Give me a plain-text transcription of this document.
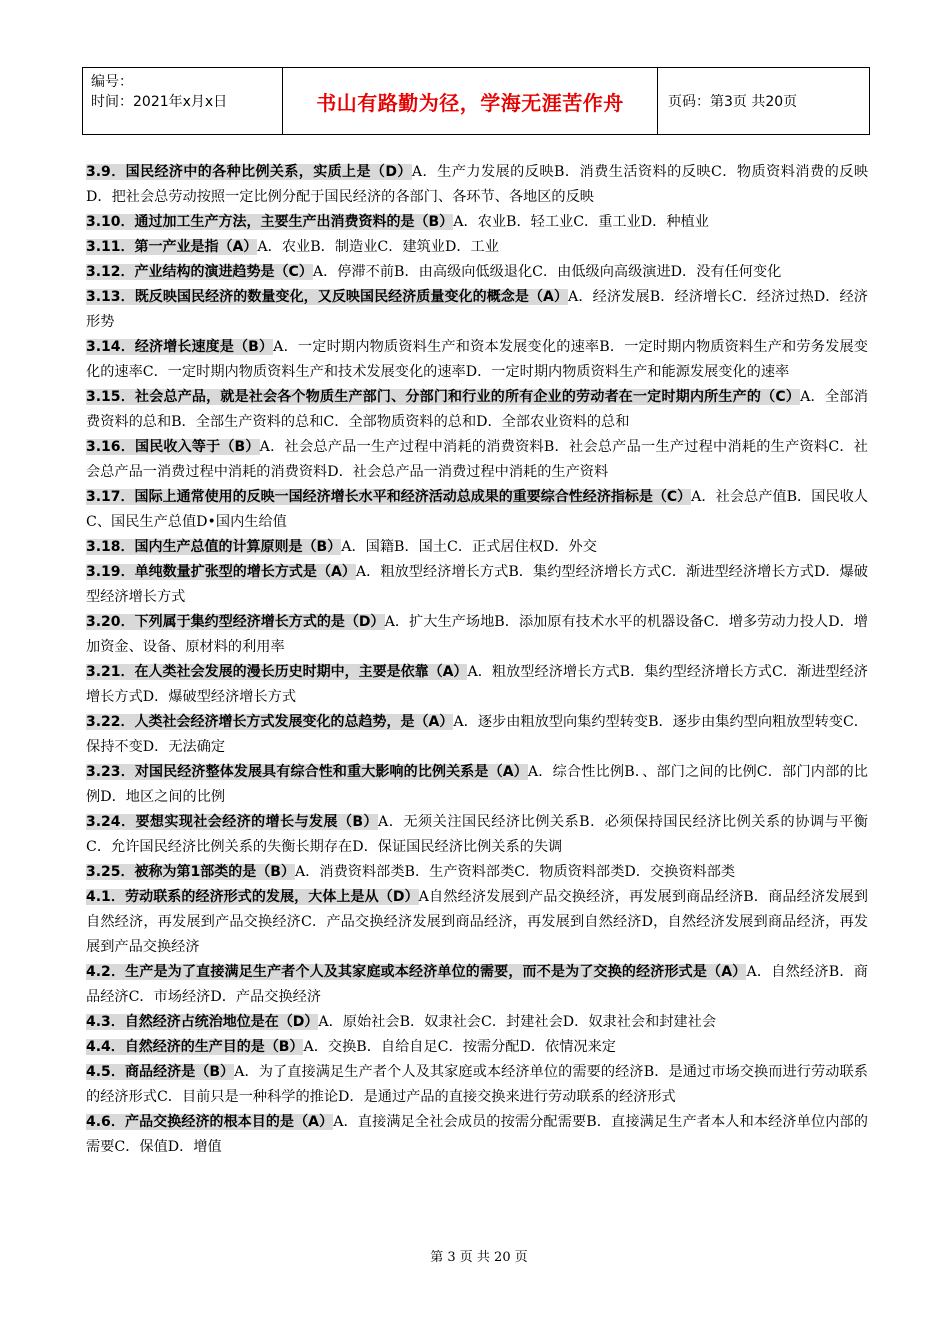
编号：
时间：2021年x月x日	书山有路勤为径，学海无涯苦作舟	页码：第3页 共20页

3.9．国民经济中的各种比例关系，实质上是（D）A．生产力发展的反映B．消费生活资料的反映C．物质资料消费的反映D．把社会总劳动按照一定比例分配于国民经济的各部门、各环节、各地区的反映

3.10．通过加工生产方法，主要生产出消费资料的是（B）A．农业B．轻工业C．重工业D．种植业

3.11．第一产业是指（A）A．农业B．制造业C．建筑业D．工业

3.12．产业结构的演进趋势是（C）A．停滞不前B．由高级向低级退化C．由低级向高级演进D．没有任何变化

3.13．既反映国民经济的数量变化，又反映国民经济质量变化的概念是（A）A．经济发展B．经济增长C．经济过热D．经济形势

3.14．经济增长速度是（B）A．一定时期内物质资料生产和资本发展变化的速率B．一定时期内物质资料生产和劳务发展变化的速率C．一定时期内物质资料生产和技术发展变化的速率D．一定时期内物质资料生产和能源发展变化的速率

3.15．社会总产品，就是社会各个物质生产部门、分部门和行业的所有企业的劳动者在一定时期内所生产的（C）A．全部消费资料的总和B．全部生产资料的总和C．全部物质资料的总和D．全部农业资料的总和

3.16．国民收入等于（B）A．社会总产品一生产过程中消耗的消费资料B．社会总产品一生产过程中消耗的生产资料C．社会总产品一消费过程中消耗的消费资料D．社会总产品一消费过程中消耗的生产资料

3.17．国际上通常使用的反映一国经济增长水平和经济活动总成果的重要综合性经济指标是（C）A．社会总产值B．国民收人C、国民生产总值D•国内生给值

3.18．国内生产总值的计算原则是（B）A．国籍B．国土C．正式居住权D．外交

3.19．单纯数量扩张型的增长方式是（A）A．粗放型经济增长方式B．集约型经济增长方式C．渐进型经济增长方式D．爆破型经济增长方式

3.20．下列属于集约型经济增长方式的是（D）A．扩大生产场地B．添加原有技术水平的机器设备C．增多劳动力投人D．增加资金、设备、原材料的利用率

3.21．在人类社会发展的漫长历史时期中，主要是依靠（A）A．粗放型经济增长方式B．集约型经济增长方式C．渐进型经济增长方式D．爆破型经济增长方式

3.22．人类社会经济增长方式发展变化的总趋势，是（A）A．逐步由粗放型向集约型转变B．逐步由集约型向粗放型转变C．保持不变D．无法确定

3.23．对国民经济整体发展具有综合性和重大影响的比例关系是（A）A．综合性比例B．、部门之间的比例C．部门内部的比例D．地区之间的比例

3.24．要想实现社会经济的增长与发展（B）A．无须关注国民经济比例关系B．必须保持国民经济比例关系的协调与平衡C．允许国民经济比例关系的失衡长期存在D．保证国民经济比例关系的失调

3.25．被称为第1部类的是（B）A．消费资料部类B．生产资料部类C．物质资料部类D．交换资料部类

4.1．劳动联系的经济形式的发展，大体上是从（D）A自然经济发展到产品交换经济，再发展到商品经济B．商品经济发展到自然经济，再发展到产品交换经济C．产品交换经济发展到商品经济，再发展到自然经济D，自然经济发展到商品经济，再发展到产品交换经济

4.2．生产是为了直接满足生产者个人及其家庭或本经济单位的需要，而不是为了交换的经济形式是（A）A．自然经济B．商品经济C．市场经济D．产品交换经济

4.3．自然经济占统治地位是在（D）A．原始社会B．奴隶社会C．封建社会D．奴隶社会和封建社会

4.4．自然经济的生产目的是（B）A．交换B．自给自足C．按需分配D．依情况来定

4.5．商品经济是（B）A．为了直接满足生产者个人及其家庭或本经济单位的需要的经济B．是通过市场交换而进行劳动联系的经济形式C．目前只是一种科学的推论D．是通过产品的直接交换来进行劳动联系的经济形式

4.6．产品交换经济的根本目的是（A）A．直接满足全社会成员的按需分配需要B．直接满足生产者本人和本经济单位内部的需要C．保值D．增值

第 3 页 共 20 页
